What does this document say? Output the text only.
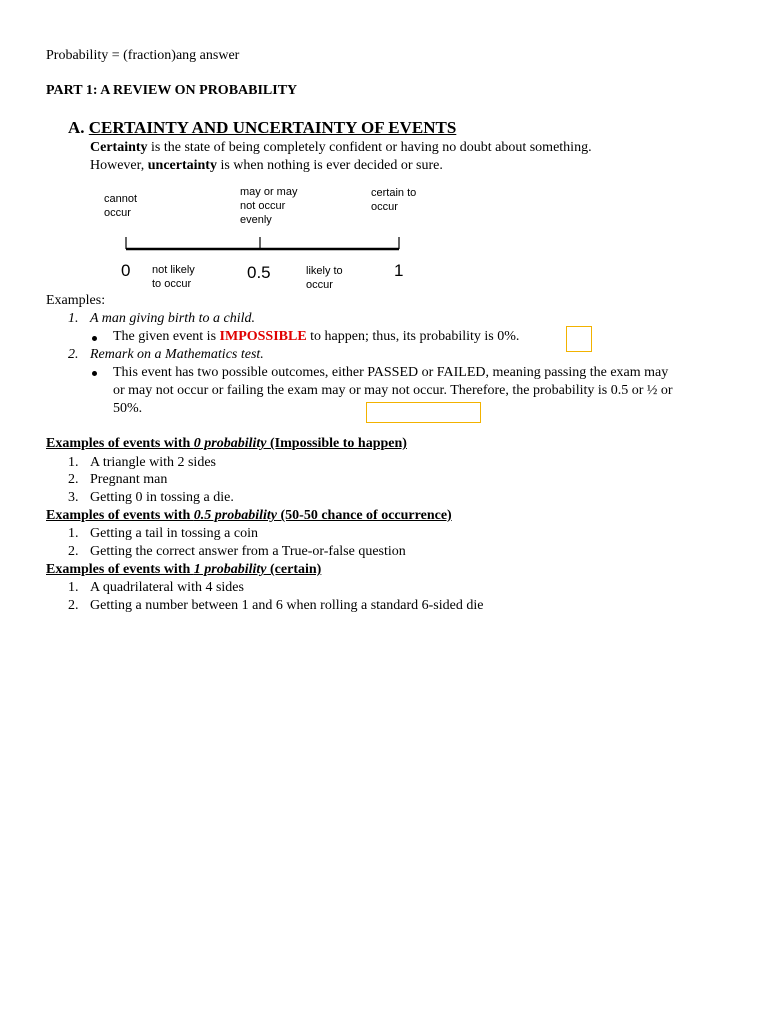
Probability = (fraction)ang answer
PART 1: A REVIEW ON PROBABILITY
A. CERTAINTY AND UNCERTAINTY OF EVENTS
Certainty is the state of being completely confident or having no doubt about something.
However, uncertainty is when nothing is ever decided or sure.
cannot
occur
may or may
not occur
evenly
certain to
occur
0 not likely
to occur
0.5	likely to
occur
1
Examples:
1. A man giving birth to a child.
The given event is IMPOSSIBLE to happen; thus, its probability is 0%.
2. Remark on a Mathematics test.
This event has two possible outcomes, either PASSED or FAILED, meaning passing the exam may
or may not occur or failing the exam may or may not occur. Therefore, the probability is 0.5 or ½ or
50%.
Examples of events with 0 probability (Impossible to happen)
1. A triangle with 2 sides
2. Pregnant man
3. Getting 0 in tossing a die.
Examples of events with 0.5 probability (50-50 chance of occurrence)
1. Getting a tail in tossing a coin
2. Getting the correct answer from a True-or-false question
Examples of events with 1 probability (certain)
1. A quadrilateral with 4 sides
2. Getting a number between 1 and 6 when rolling a standard 6-sided die
